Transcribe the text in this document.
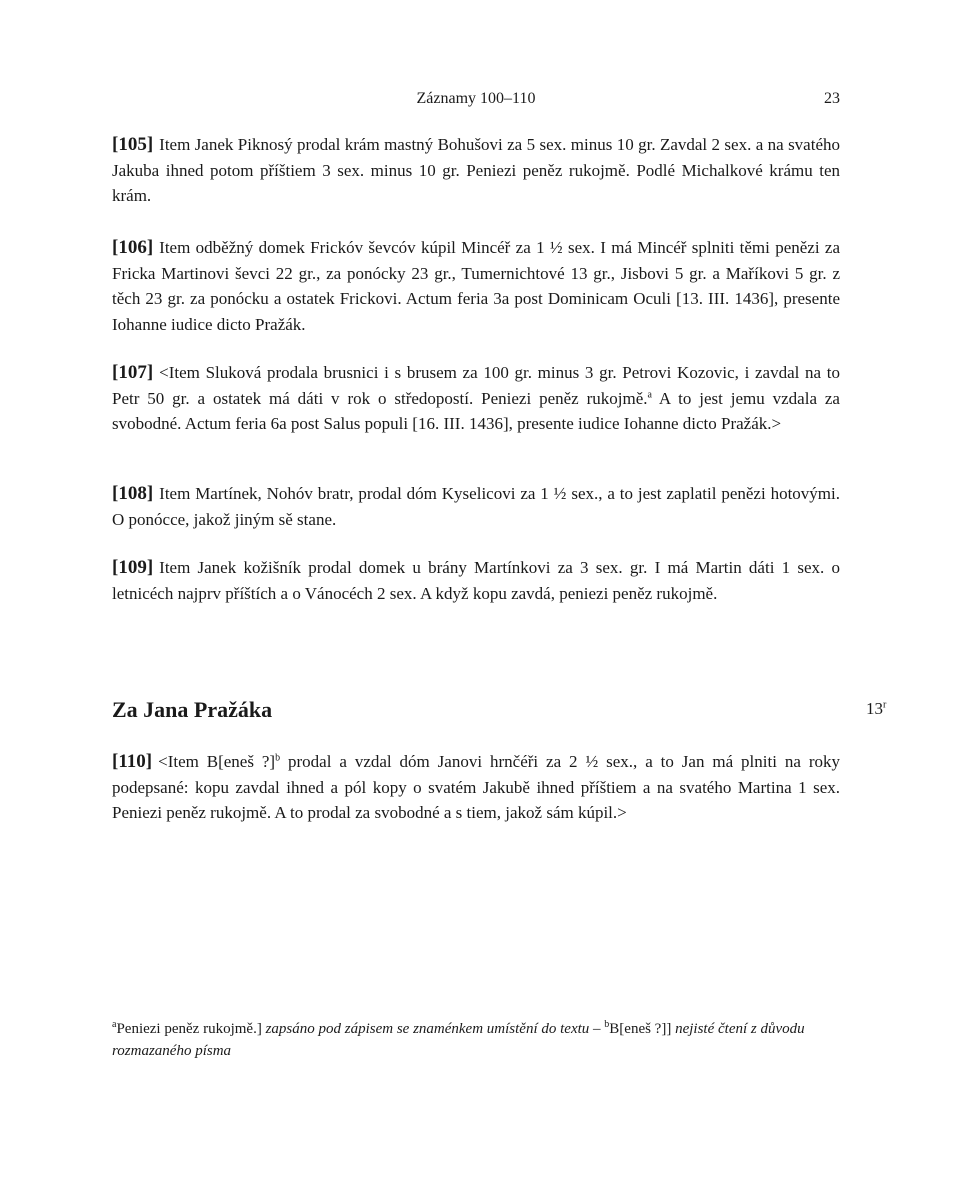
Záznamy 100–110	23

[105] Item Janek Piknosý prodal krám mastný Bohušovi za 5 sex. minus 10 gr. Zavdal 2 sex. a na svatého Jakuba ihned potom příštiem 3 sex. minus 10 gr. Peniezi peněz rukojmě. Podlé Michalkové krámu ten krám.

[106] Item odběžný domek Frickóv ševcóv kúpil Mincéř za 1 ½ sex. I má Mincéř splniti těmi penězi za Fricka Martinovi ševci 22 gr., za ponócky 23 gr., Tumernichtové 13 gr., Jisbovi 5 gr. a Maříkovi 5 gr. z těch 23 gr. za ponócku a ostatek Frickovi. Actum feria 3a post Dominicam Oculi [13. III. 1436], presente Iohanne iudice dicto Pražák.

[107] <Item Sluková prodala brusnici i s brusem za 100 gr. minus 3 gr. Petrovi Kozovic, i zavdal na to Petr 50 gr. a ostatek má dáti v rok o středopostí. Peniezi peněz rukojmě.$^a$ A to jest jemu vzdala za svobodné. Actum feria 6a post Salus populi [16. III. 1436], presente iudice Iohanne dicto Pražák.>

[108] Item Martínek, Nohóv bratr, prodal dóm Kyselicovi za 1 ½ sex., a to jest zaplatil penězi hotovými. O ponócce, jakož jiným sě stane.

[109] Item Janek kožišník prodal domek u brány Martínkovi za 3 sex. gr. I má Martin dáti 1 sex. o letnicéch najprv příštích a o Vánocéch 2 sex. A když kopu zavdá, peniezi peněz rukojmě.

Za Jana Pražáka	13$^r$

[110] <Item B[eneš ?]$^b$ prodal a vzdal dóm Janovi hrnčéři za 2 ½ sex., a to Jan má plniti na roky podepsané: kopu zavdal ihned a pól kopy o svatém Jakubě ihned příštiem a na svatého Martina 1 sex. Peniezi peněz rukojmě. A to prodal za svobodné a s tiem, jakož sám kúpil.>

$^a$Peniezi peněz rukojmě.] zapsáno pod zápisem se znaménkem umístění do textu – $^b$B[eneš ?]] nejisté čtení z důvodu rozmazaného písma
